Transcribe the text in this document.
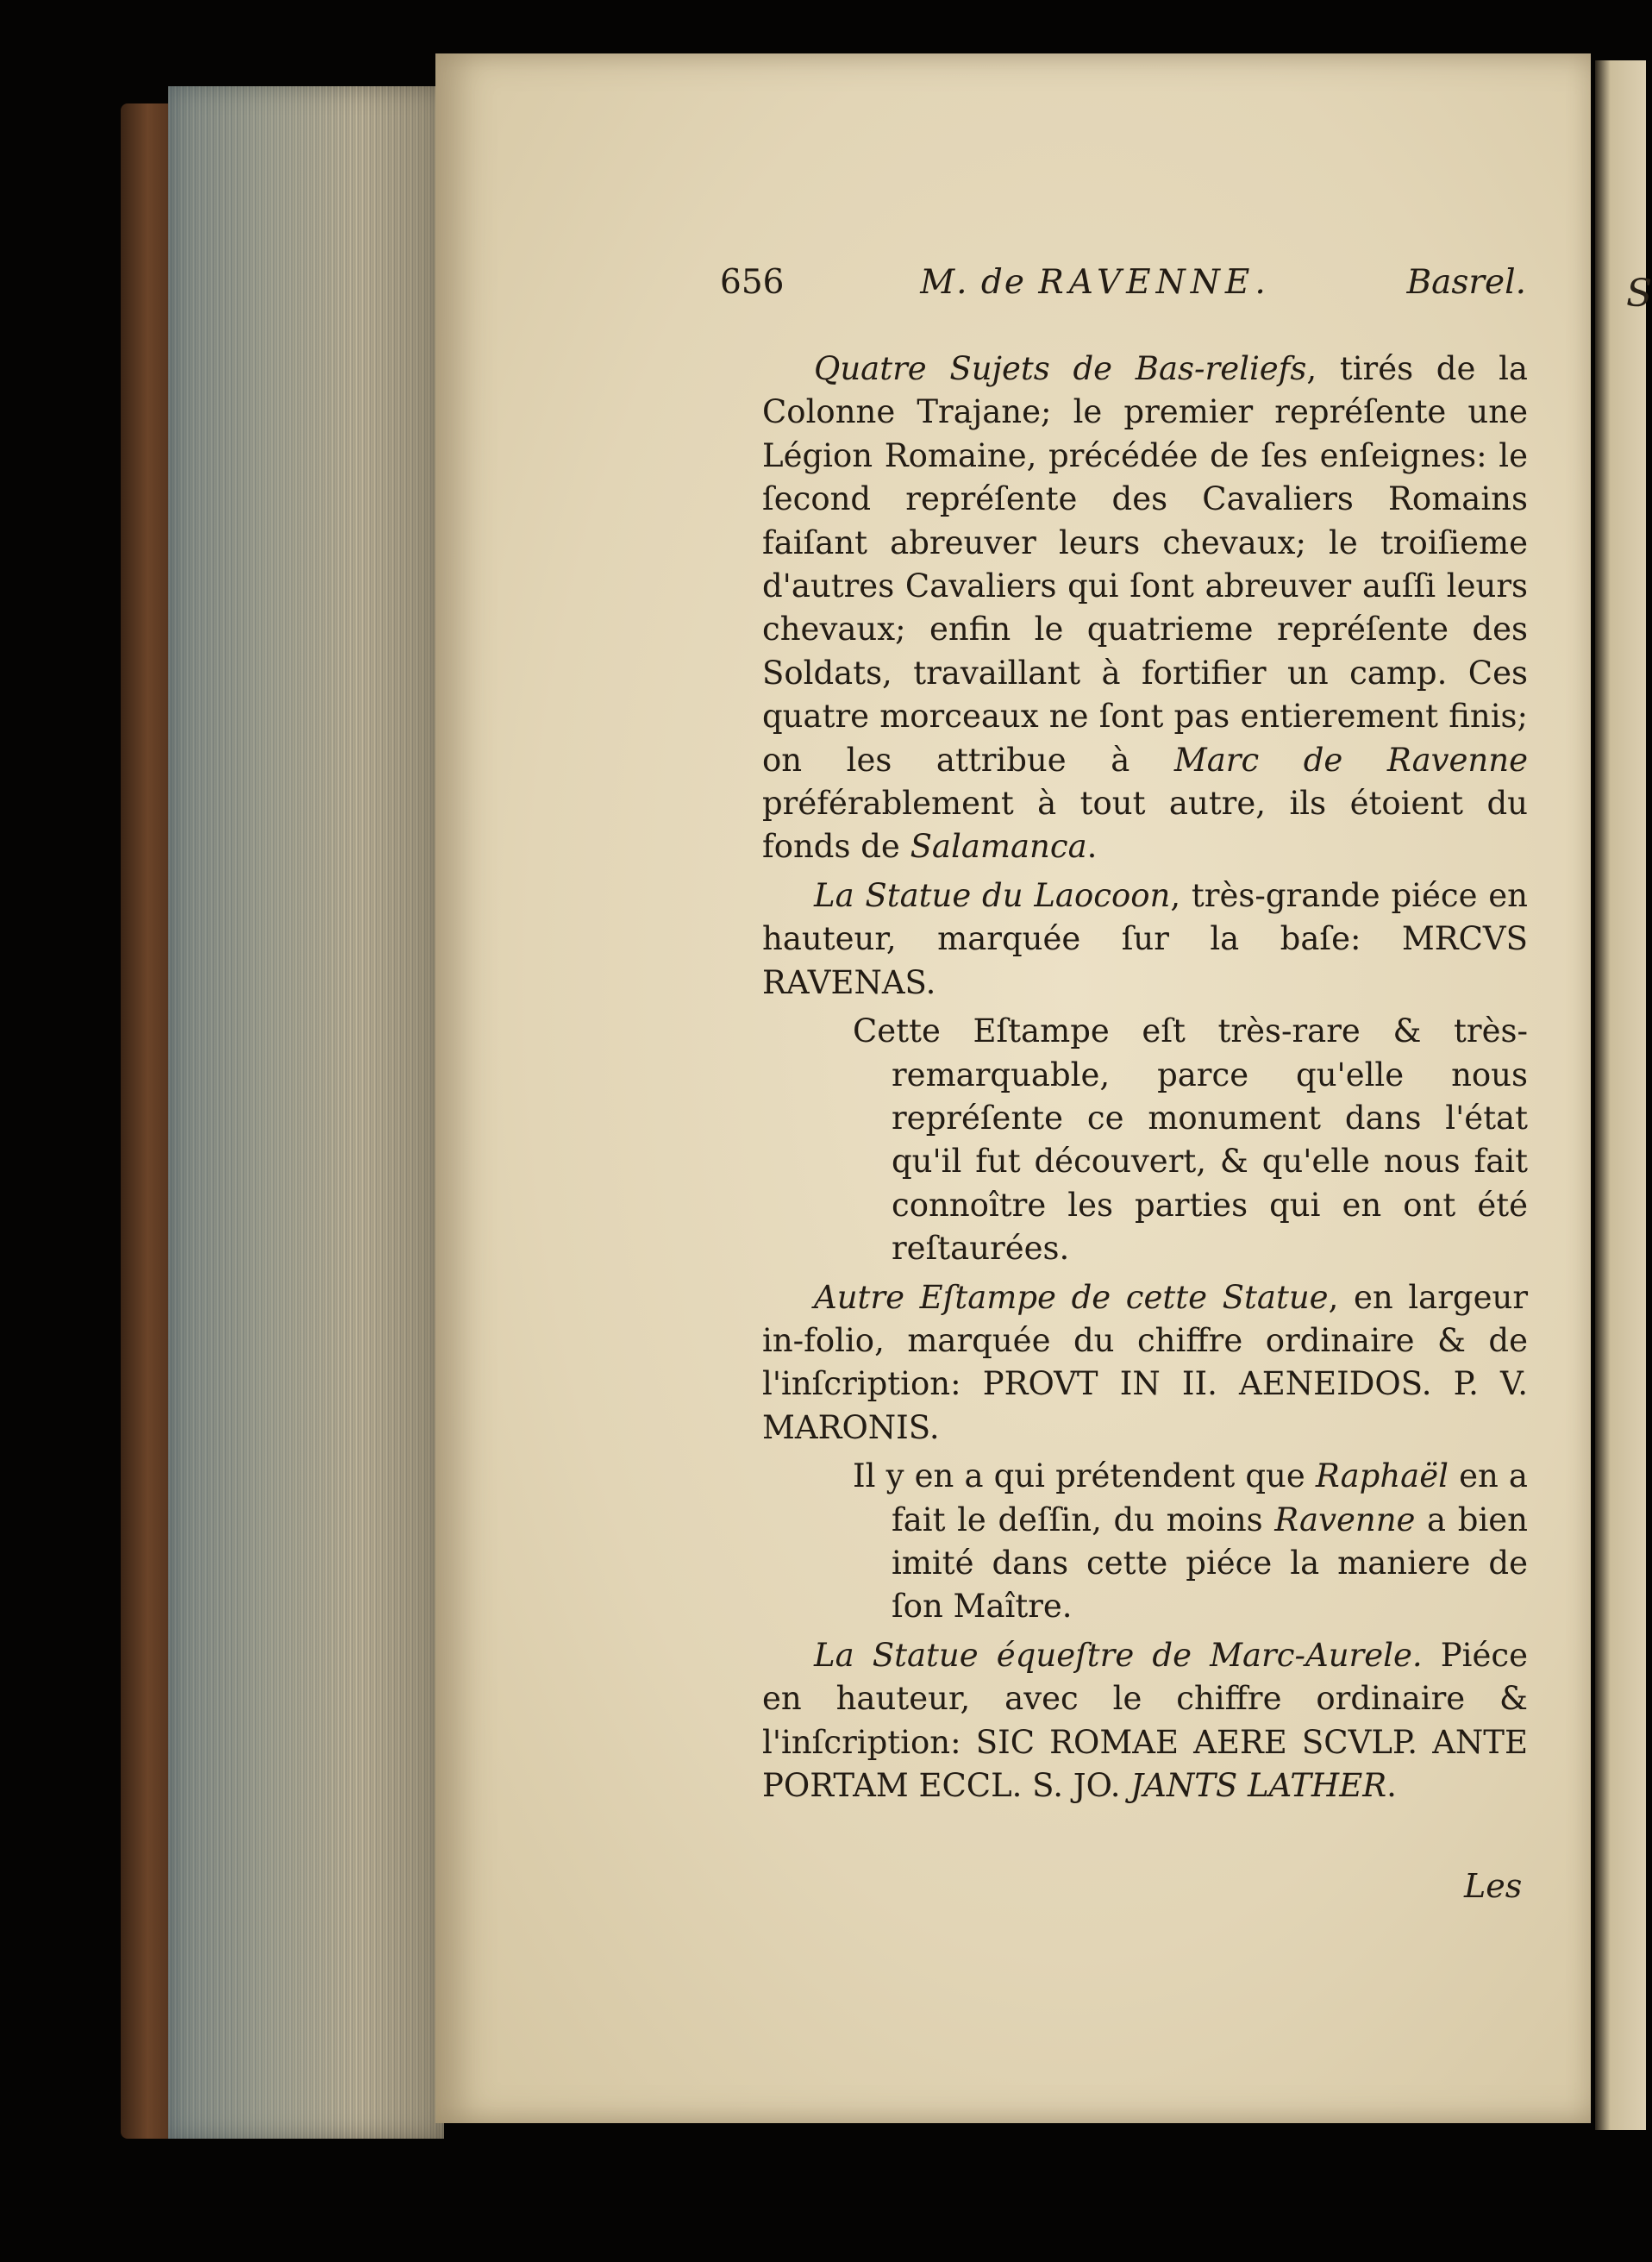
S
656	M. de RAVENNE.	Basrel.

Quatre Sujets de Bas-reliefs, tirés de la Colonne Trajane; le premier repréſente une Légion Romaine, précédée de ſes enſeignes: le ſecond repréſente des Cavaliers Romains faiſant abreuver leurs chevaux; le troiſieme d'autres Cavaliers qui ſont abreuver auſſi leurs chevaux; enfin le quatrieme repréſente des Soldats, travaillant à fortifier un camp. Ces quatre morceaux ne ſont pas entierement finis; on les attribue à Marc de Ravenne préférablement à tout autre, ils étoient du fonds de Salamanca.

La Statue du Laocoon, très-grande piéce en hauteur, marquée ſur la baſe: MRCVS RAVENAS.

Cette Eſtampe eſt très-rare & très-remarquable, parce qu'elle nous repréſente ce monument dans l'état qu'il fut découvert, & qu'elle nous fait connoître les parties qui en ont été reſtaurées.

Autre Eſtampe de cette Statue, en largeur in-folio, marquée du chiffre ordinaire & de l'inſcription: PROVT IN II. AENEIDOS. P. V. MARONIS.

Il y en a qui prétendent que Raphaël en a fait le deſſin, du moins Ravenne a bien imité dans cette piéce la maniere de ſon Maître.

La Statue équeſtre de Marc-Aurele. Piéce en hauteur, avec le chiffre ordinaire & l'inſcription: SIC ROMAE AERE SCVLP. ANTE PORTAM ECCL. S. JO. JANTS LATHER.

Les
